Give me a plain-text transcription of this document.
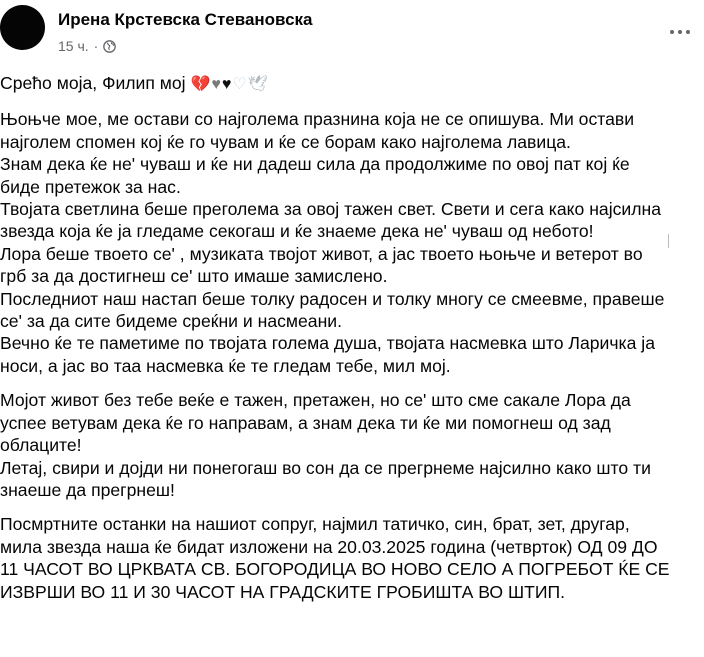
Ирена Крстевска Стевановска
15 ч. ·

Срећо моја, Филип мој 💔♥♥♡🕊

Њоњче мое, ме остави со најголема празнина која не се опишува. Ми остави

најголем спомен кој ќе го чувам и ќе се борам како најголема лавица.

Знам дека ќе не' чуваш и ќе ни дадеш сила да продолжиме по овој пат кој ќе

биде претежок за нас.

Твојата светлина беше преголема за овој тажен свет. Свети и сега како најсилна

звезда која ќе ја гледаме секогаш и ќе знаеме дека не' чуваш од небото!

Лора беше твоето се' , музиката твојот живот, а јас твоето њоњче и ветерот во

грб за да достигнеш се' што имаше замислено.

Последниот наш настап беше толку радосен и толку многу се смеевме, правеше

се' за да сите бидеме среќни и насмеани.

Вечно ќе те паметиме по твојата голема душа, твојата насмевка што Ларичка ја

носи, а јас во таа насмевка ќе те гледам тебе, мил мој.

Мојот живот без тебе веќе е тажен, претажен, но се' што сме сакале Лора да

успее ветувам дека ќе го направам, а знам дека ти ќе ми помогнеш од зад

облаците!

Летај, свири и дојди ни понегогаш во сон да се прегрнеме најсилно како што ти

знаеше да прегрнеш!

Посмртните останки на нашиот сопруг, најмил татичко, син, брат, зет, другар,

мила звезда наша ќе бидат изложени на 20.03.2025 година (четврток) ОД 09 ДО

11 ЧАСОТ ВО ЦРКВАТА СВ. БОГОРОДИЦА ВО НОВО СЕЛО А ПОГРЕБОТ ЌЕ СЕ

ИЗВРШИ ВО 11 И 30 ЧАСОТ НА ГРАДСКИТЕ ГРОБИШТА ВО ШТИП.
